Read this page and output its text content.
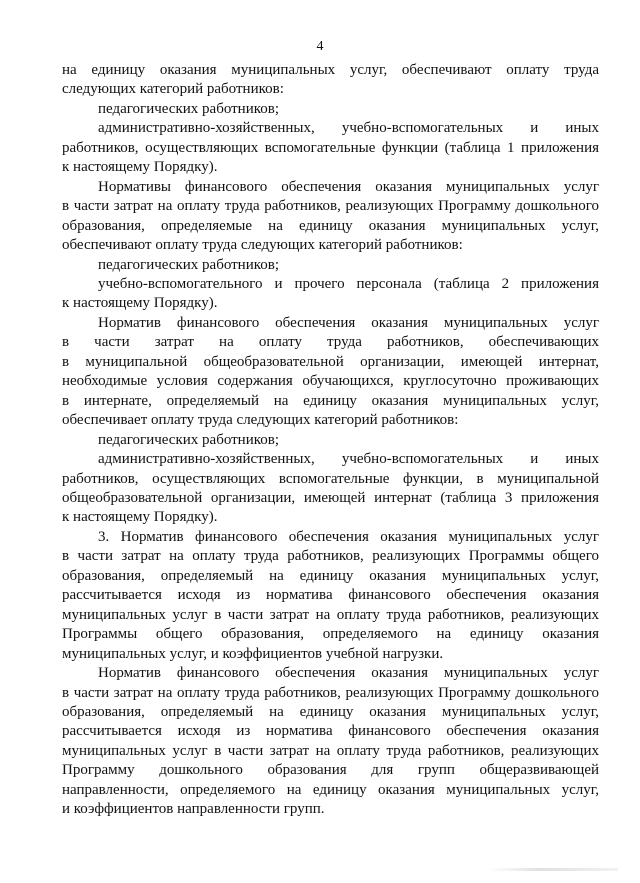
4
на единицу оказания муниципальных услуг, обеспечивают оплату труда
следующих категорий работников:
педагогических работников;
административно-хозяйственных, учебно-вспомогательных и иных
работников, осуществляющих вспомогательные функции (таблица 1 приложения
к настоящему Порядку).
Нормативы финансового обеспечения оказания муниципальных услуг
в части затрат на оплату труда работников, реализующих Программу дошкольного
образования, определяемые на единицу оказания муниципальных услуг,
обеспечивают оплату труда следующих категорий работников:
педагогических работников;
учебно-вспомогательного и прочего персонала (таблица 2 приложения
к настоящему Порядку).
Норматив финансового обеспечения оказания муниципальных услуг
в части затрат на оплату труда работников, обеспечивающих
в муниципальной общеобразовательной организации, имеющей интернат,
необходимые условия содержания обучающихся, круглосуточно проживающих
в интернате, определяемый на единицу оказания муниципальных услуг,
обеспечивает оплату труда следующих категорий работников:
педагогических работников;
административно-хозяйственных, учебно-вспомогательных и иных
работников, осуществляющих вспомогательные функции, в муниципальной
общеобразовательной организации, имеющей интернат (таблица 3 приложения
к настоящему Порядку).
3. Норматив финансового обеспечения оказания муниципальных услуг
в части затрат на оплату труда работников, реализующих Программы общего
образования, определяемый на единицу оказания муниципальных услуг,
рассчитывается исходя из норматива финансового обеспечения оказания
муниципальных услуг в части затрат на оплату труда работников, реализующих
Программы общего образования, определяемого на единицу оказания
муниципальных услуг, и коэффициентов учебной нагрузки.
Норматив финансового обеспечения оказания муниципальных услуг
в части затрат на оплату труда работников, реализующих Программу дошкольного
образования, определяемый на единицу оказания муниципальных услуг,
рассчитывается исходя из норматива финансового обеспечения оказания
муниципальных услуг в части затрат на оплату труда работников, реализующих
Программу дошкольного образования для групп общеразвивающей
направленности, определяемого на единицу оказания муниципальных услуг,
и коэффициентов направленности групп.
